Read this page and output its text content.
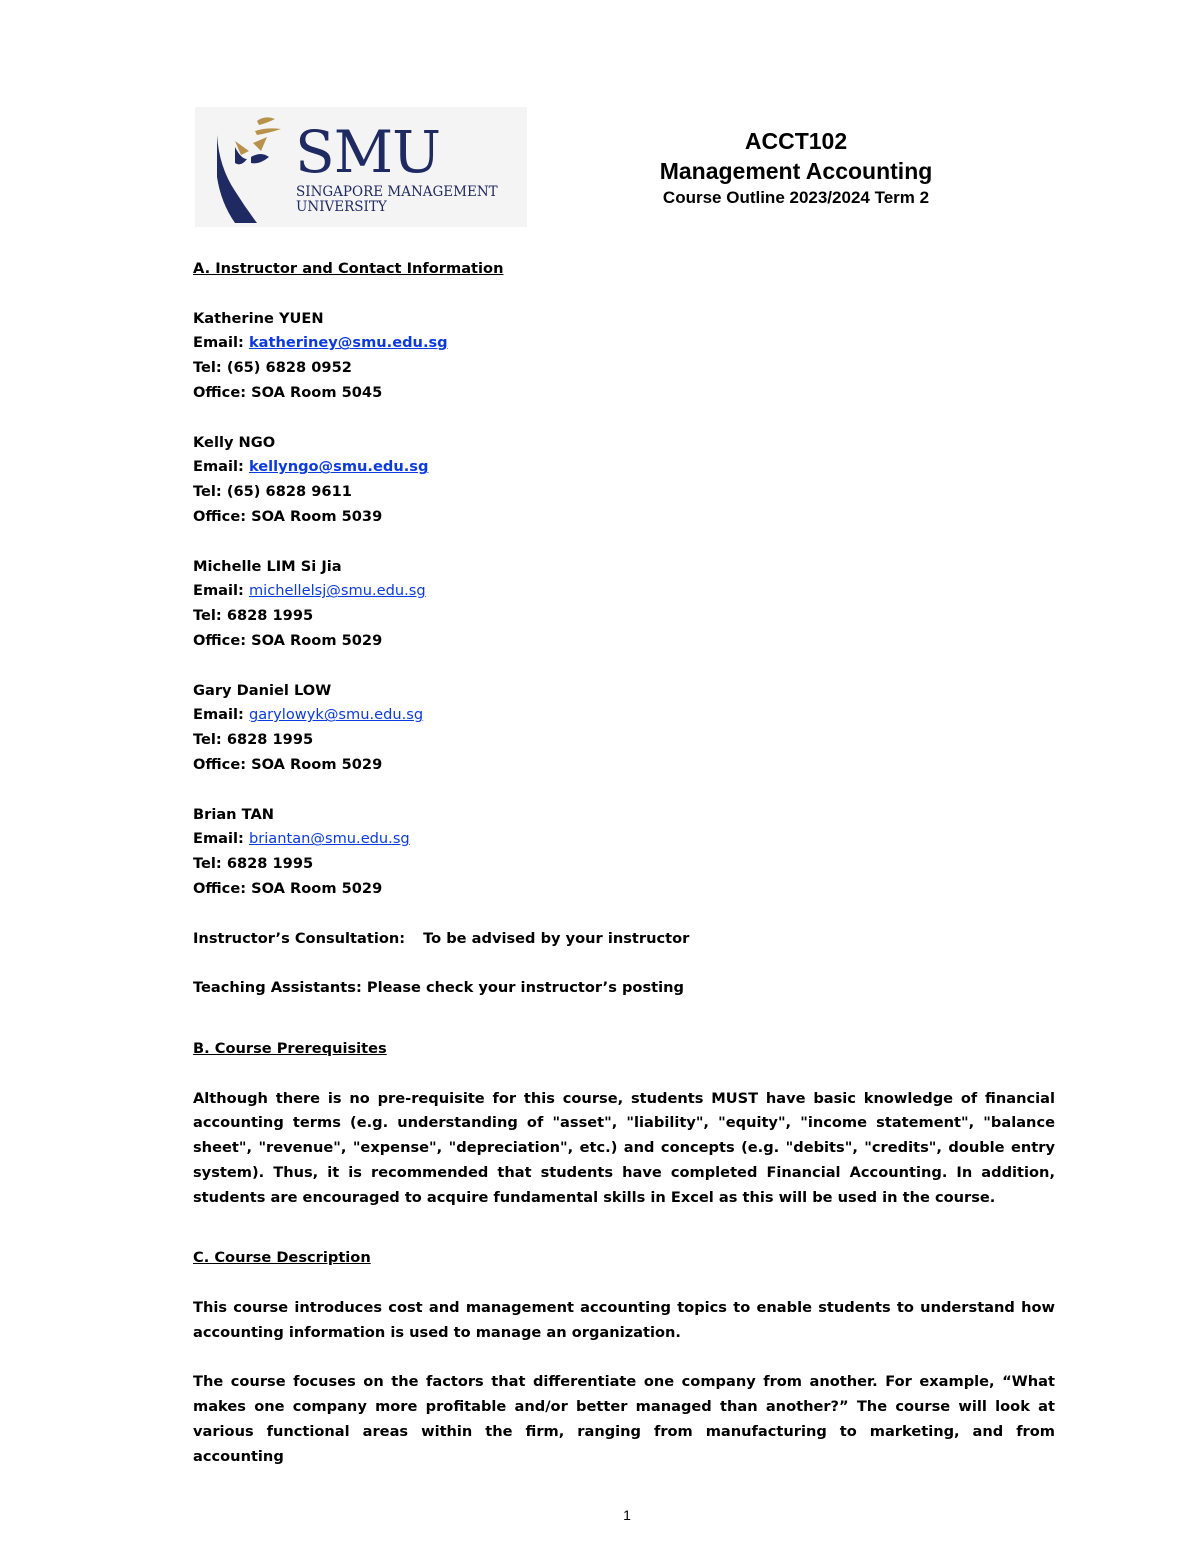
SMU
SINGAPORE MANAGEMENT
UNIVERSITY
ACCT102
Management Accounting
Course Outline 2023/2024 Term 2

A. Instructor and Contact Information

Katherine YUEN

Email: katheriney@smu.edu.sg

Tel: (65) 6828 0952

Office: SOA Room 5045

Kelly NGO

Email: kellyngo@smu.edu.sg

Tel: (65) 6828 9611

Office: SOA Room 5039

Michelle LIM Si Jia

Email: michellelsj@smu.edu.sg

Tel: 6828 1995

Office: SOA Room 5029

Gary Daniel LOW

Email: garylowyk@smu.edu.sg

Tel: 6828 1995

Office: SOA Room 5029

Brian TAN

Email: briantan@smu.edu.sg

Tel: 6828 1995

Office: SOA Room 5029

Instructor’s Consultation: To be advised by your instructor

Teaching Assistants: Please check your instructor’s posting

B. Course Prerequisites

Although there is no pre-requisite for this course, students MUST have basic knowledge of financial accounting terms (e.g. understanding of "asset", "liability", "equity", "income statement", "balance sheet", "revenue", "expense", "depreciation", etc.) and concepts (e.g. "debits", "credits", double entry system). Thus, it is recommended that students have completed Financial Accounting. In addition, students are encouraged to acquire fundamental skills in Excel as this will be used in the course.

C. Course Description

This course introduces cost and management accounting topics to enable students to understand how accounting information is used to manage an organization.

The course focuses on the factors that differentiate one company from another. For example, “What makes one company more profitable and/or better managed than another?” The course will look at various functional areas within the firm, ranging from manufacturing to marketing, and from accounting

1
